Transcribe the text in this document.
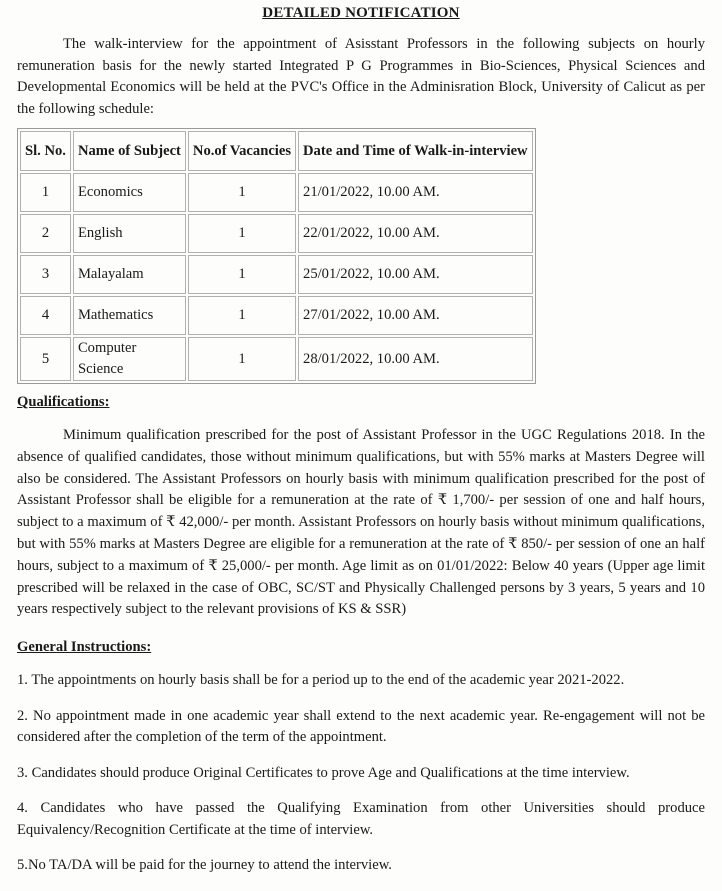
DETAILED NOTIFICATION

The walk-interview for the appointment of Asisstant Professors in the following subjects on hourly remuneration basis for the newly started Integrated P G Programmes in Bio-Sciences, Physical Sciences and Developmental Economics will be held at the PVC's Office in the Adminisration Block, University of Calicut as per the following schedule:

Sl. No.	Name of Subject	No.of Vacancies	Date and Time of Walk-in-interview
1	Economics	1	21/01/2022, 10.00 AM.
2	English	1	22/01/2022, 10.00 AM.
3	Malayalam	1	25/01/2022, 10.00 AM.
4	Mathematics	1	27/01/2022, 10.00 AM.
5	Computer Science	1	28/01/2022, 10.00 AM.
Qualifications:

Minimum qualification prescribed for the post of Assistant Professor in the UGC Regulations 2018. In the absence of qualified candidates, those without minimum qualifications, but with 55% marks at Masters Degree will also be considered. The Assistant Professors on hourly basis with minimum qualification prescribed for the post of Assistant Professor shall be eligible for a remuneration at the rate of ₹ 1,700/- per session of one and half hours, subject to a maximum of ₹ 42,000/- per month. Assistant Professors on hourly basis without minimum qualifications, but with 55% marks at Masters Degree are eligible for a remuneration at the rate of ₹ 850/- per session of one an half hours, subject to a maximum of ₹ 25,000/- per month. Age limit as on 01/01/2022: Below 40 years (Upper age limit prescribed will be relaxed in the case of OBC, SC/ST and Physically Challenged persons by 3 years, 5 years and 10 years respectively subject to the relevant provisions of KS & SSR)

General Instructions:

1. The appointments on hourly basis shall be for a period up to the end of the academic year 2021-2022.

2. No appointment made in one academic year shall extend to the next academic year. Re-engagement will not be considered after the completion of the term of the appointment.

3. Candidates should produce Original Certificates to prove Age and Qualifications at the time interview.

4. Candidates who have passed the Qualifying Examination from other Universities should produce Equivalency/Recognition Certificate at the time of interview.

5.No TA/DA will be paid for the journey to attend the interview.
